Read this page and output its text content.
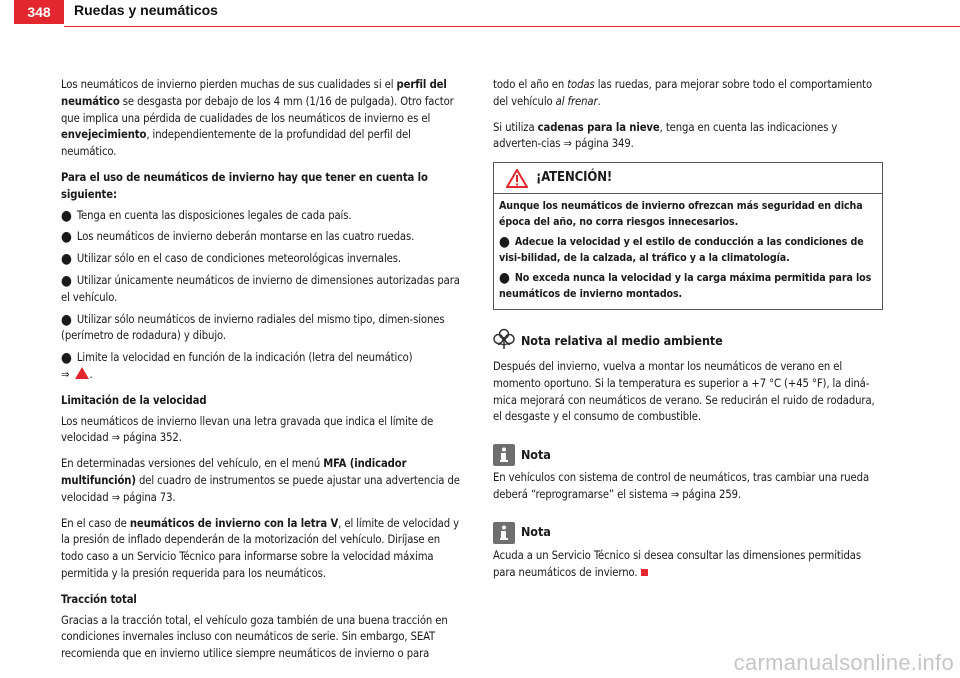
348	Ruedas y neumáticos

Los neumáticos de invierno pierden muchas de sus cualidades si el perfil del neumático se desgasta por debajo de los 4 mm (1/16 de pulgada). Otro factor que implica una pérdida de cualidades de los neumáticos de invierno es el envejecimiento, independientemente de la profundidad del perfil del neumático.

Para el uso de neumáticos de invierno hay que tener en cuenta lo siguiente:

● Tenga en cuenta las disposiciones legales de cada país.
● Los neumáticos de invierno deberán montarse en las cuatro ruedas.
● Utilizar sólo en el caso de condiciones meteorológicas invernales.
● Utilizar únicamente neumáticos de invierno de dimensiones autorizadas para el vehículo.
● Utilizar sólo neumáticos de invierno radiales del mismo tipo, dimen-siones (perímetro de rodadura) y dibujo.
● Limite la velocidad en función de la indicación (letra del neumático)
⇒ .

Limitación de la velocidad

Los neumáticos de invierno llevan una letra gravada que indica el límite de velocidad ⇒ página 352.

En determinadas versiones del vehículo, en el menú MFA (indicador multifunción) del cuadro de instrumentos se puede ajustar una advertencia de velocidad ⇒ página 73.

En el caso de neumáticos de invierno con la letra V, el límite de velocidad y la presión de inflado dependerán de la motorización del vehículo. Diríjase en todo caso a un Servicio Técnico para informarse sobre la velocidad máxima permitida y la presión requerida para los neumáticos.

Tracción total

Gracias a la tracción total, el vehículo goza también de una buena tracción en condiciones invernales incluso con neumáticos de serie. Sin embargo, SEAT recomienda que en invierno utilice siempre neumáticos de invierno o para

todo el año en todas las ruedas, para mejorar sobre todo el comportamiento del vehículo al frenar.

Si utiliza cadenas para la nieve, tenga en cuenta las indicaciones y adverten-cias ⇒ página 349.

¡ATENCIÓN!

Aunque los neumáticos de invierno ofrezcan más seguridad en dicha época del año, no corra riesgos innecesarios.

● Adecue la velocidad y el estilo de conducción a las condiciones de visi-bilidad, de la calzada, al tráfico y a la climatología.

● No exceda nunca la velocidad y la carga máxima permitida para los neumáticos de invierno montados.

Nota relativa al medio ambiente

Después del invierno, vuelva a montar los neumáticos de verano en el momento oportuno. Si la temperatura es superior a +7 °C (+45 °F), la diná-mica mejorará con neumáticos de verano. Se reducirán el ruido de rodadura, el desgaste y el consumo de combustible.

Nota

En vehículos con sistema de control de neumáticos, tras cambiar una rueda deberá “reprogramarse” el sistema ⇒ página 259.

Nota

Acuda a un Servicio Técnico si desea consultar las dimensiones permitidas para neumáticos de invierno.

carmanualsonline.info
